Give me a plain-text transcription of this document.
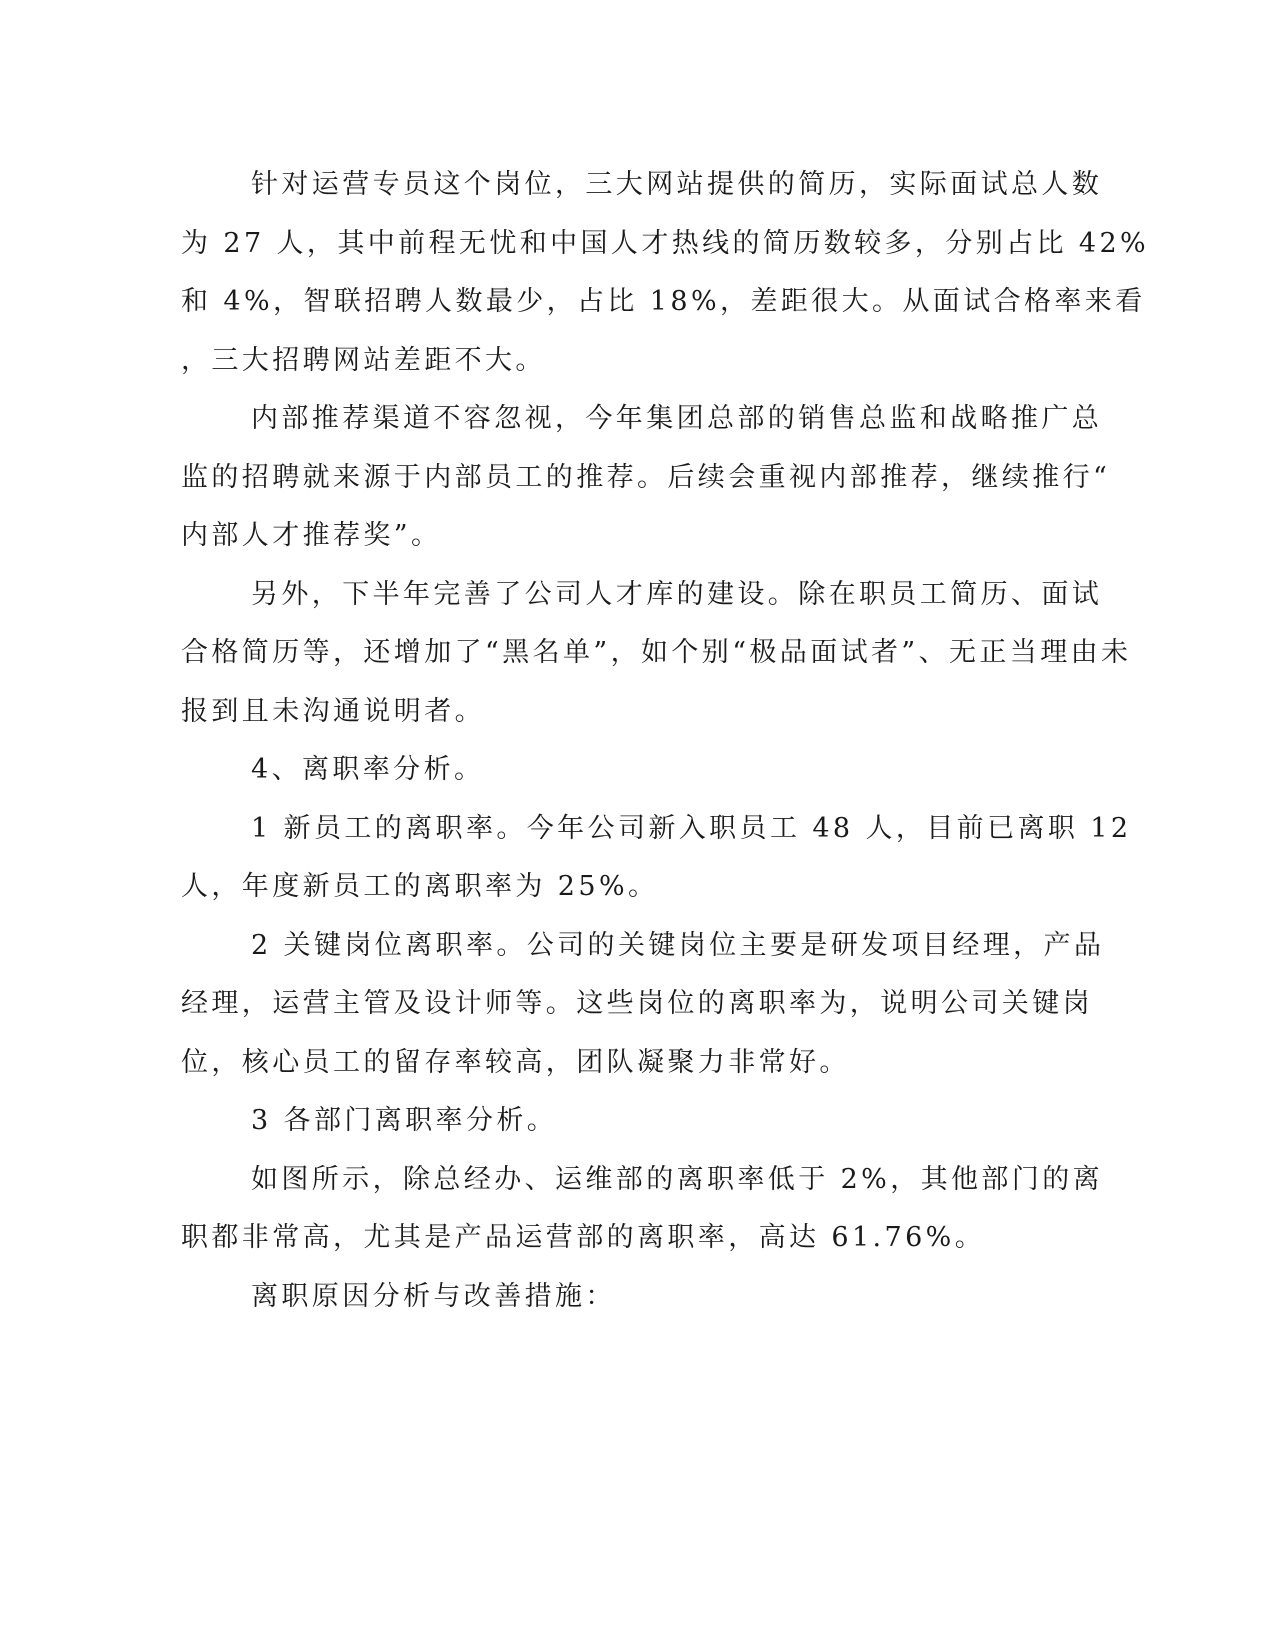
针对运营专员这个岗位，三大网站提供的简历，实际面试总人数
为 27 人，其中前程无忧和中国人才热线的简历数较多，分别占比 42%
和 4%，智联招聘人数最少，占比 18%，差距很大。从面试合格率来看
，三大招聘网站差距不大。
内部推荐渠道不容忽视，今年集团总部的销售总监和战略推广总
监的招聘就来源于内部员工的推荐。后续会重视内部推荐，继续推行“
内部人才推荐奖”。
另外，下半年完善了公司人才库的建设。除在职员工简历、面试
合格简历等，还增加了“黑名单”，如个别“极品面试者”、无正当理由未
报到且未沟通说明者。
4、离职率分析。
1 新员工的离职率。今年公司新入职员工 48 人，目前已离职 12
人，年度新员工的离职率为 25%。
2 关键岗位离职率。公司的关键岗位主要是研发项目经理，产品
经理，运营主管及设计师等。这些岗位的离职率为，说明公司关键岗
位，核心员工的留存率较高，团队凝聚力非常好。
3 各部门离职率分析。
如图所示，除总经办、运维部的离职率低于 2%，其他部门的离
职都非常高，尤其是产品运营部的离职率，高达 61.76%。
离职原因分析与改善措施：
